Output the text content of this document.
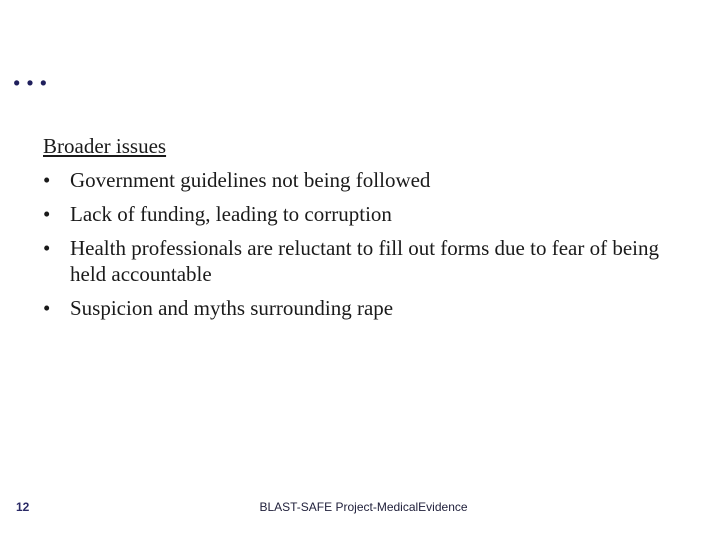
…
Broader issues
• Government guidelines not being followed
• Lack of funding, leading to corruption
• Health professionals are reluctant to fill out forms due to fear of being held accountable
• Suspicion and myths surrounding rape
12	BLAST-SAFE Project-MedicalEvidence
